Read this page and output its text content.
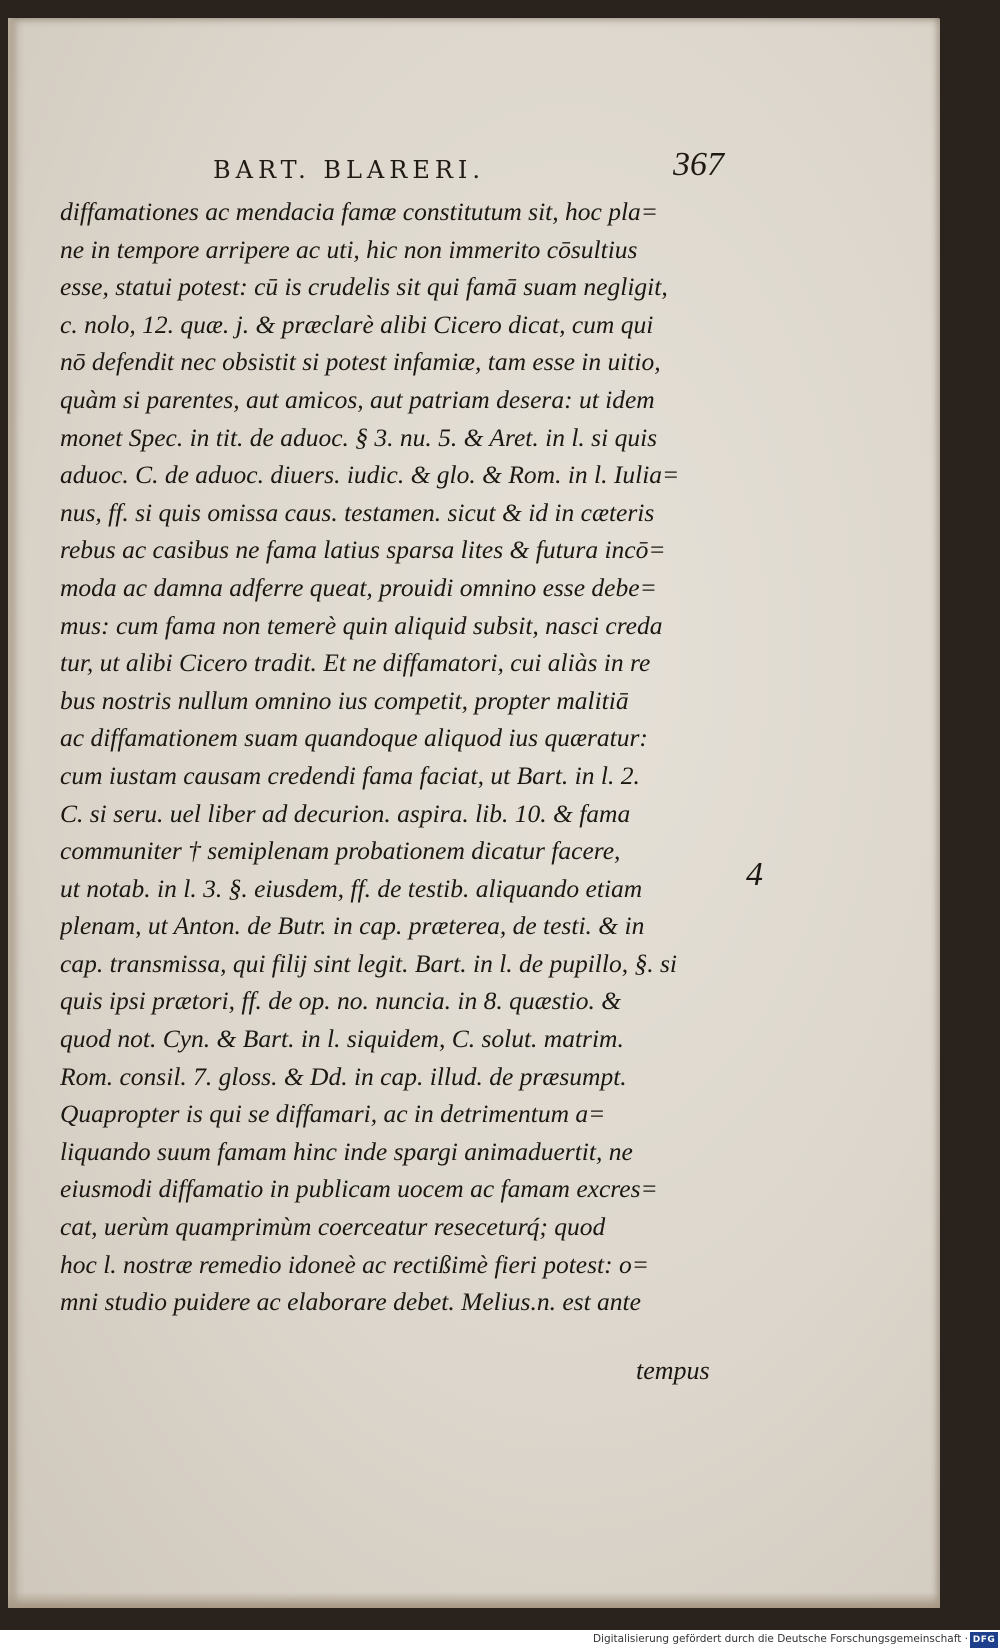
BART. BLARERI.	367
diffamationes ac mendacia famæ constitutum sit, hoc pla=
ne in tempore arripere ac uti, hic non immerito cōsultius
esse, statui potest: cū is crudelis sit qui famā suam negligit,
c. nolo, 12. quæ. j. & præclarè alibi Cicero dicat, cum qui
nō defendit nec obsistit si potest infamiæ, tam esse in uitio,
quàm si parentes, aut amicos, aut patriam desera: ut idem
monet Spec. in tit. de aduoc. § 3. nu. 5. & Aret. in l. si quis
aduoc. C. de aduoc. diuers. iudic. & glo. & Rom. in l. Iulia=
nus, ff. si quis omissa caus. testamen. sicut & id in cæteris
rebus ac casibus ne fama latius sparsa lites & futura incō=
moda ac damna adferre queat, prouidi omnino esse debe=
mus: cum fama non temerè quin aliquid subsit, nasci creda
tur, ut alibi Cicero tradit. Et ne diffamatori, cui aliàs in re
bus nostris nullum omnino ius competit, propter malitiā
ac diffamationem suam quandoque aliquod ius quæratur:
cum iustam causam credendi fama faciat, ut Bart. in l. 2.
C. si seru. uel liber ad decurion. aspira. lib. 10. & fama
communiter † semiplenam probationem dicatur facere,
ut notab. in l. 3. §. eiusdem, ff. de testib. aliquando etiam
plenam, ut Anton. de Butr. in cap. præterea, de testi. & in
cap. transmissa, qui filij sint legit. Bart. in l. de pupillo, §. si
quis ipsi prætori, ff. de op. no. nuncia. in 8. quæstio. &
quod not. Cyn. & Bart. in l. siquidem, C. solut. matrim.
Rom. consil. 7. gloss. & Dd. in cap. illud. de præsumpt.
Quapropter is qui se diffamari, ac in detrimentum a=
liquando suum famam hinc inde spargi animaduertit, ne
eiusmodi diffamatio in publicam uocem ac famam excres=
cat, uerùm quamprimùm coerceatur reseceturq́; quod
hoc l. nostræ remedio idoneè ac rectißimè fieri potest: o=
mni studio puidere ac elaborare debet. Melius.n. est ante
4
tempus
Digitalisierung gefördert durch die Deutsche Forschungsgemeinschaft · DFG
